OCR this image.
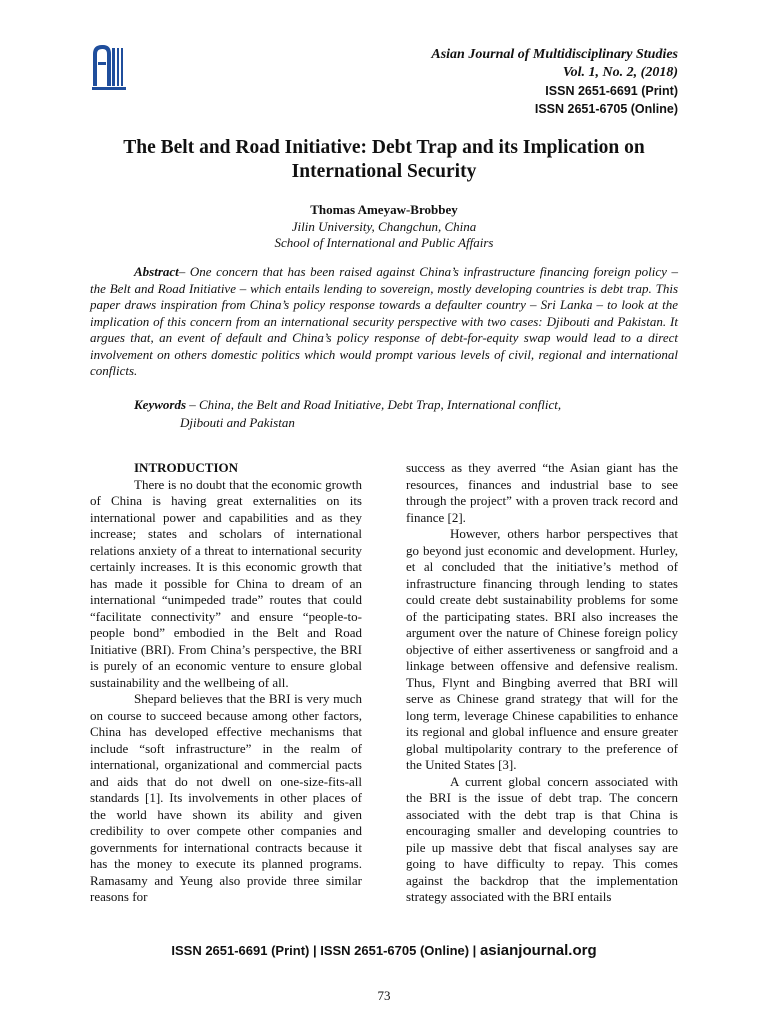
Asian Journal of Multidisciplinary Studies
Vol. 1, No. 2, (2018)
ISSN 2651-6691 (Print)
ISSN 2651-6705 (Online)
The Belt and Road Initiative: Debt Trap and its Implication on International Security
Thomas Ameyaw-Brobbey
Jilin University, Changchun, China
School of International and Public Affairs

Abstract– One concern that has been raised against China’s infrastructure financing foreign policy – the Belt and Road Initiative – which entails lending to sovereign, mostly developing countries is debt trap. This paper draws inspiration from China’s policy response towards a defaulter country – Sri Lanka – to look at the implication of this concern from an international security perspective with two cases: Djibouti and Pakistan. It argues that, an event of default and China’s policy response of debt-for-equity swap would lead to a direct involvement on others domestic politics which would prompt various levels of civil, regional and international conflicts.

Keywords – China, the Belt and Road Initiative, Debt Trap, International conflict,
Djibouti and Pakistan

INTRODUCTION

There is no doubt that the economic growth of China is having great externalities on its international power and capabilities and as they increase; states and scholars of international relations anxiety of a threat to international security certainly increases. It is this economic growth that has made it possible for China to dream of an international “unimpeded trade” routes that could “facilitate connectivity” and ensure “people-to-people bond” embodied in the Belt and Road Initiative (BRI). From China’s perspective, the BRI is purely of an economic venture to ensure global sustainability and the wellbeing of all.

Shepard believes that the BRI is very much on course to succeed because among other factors, China has developed effective mechanisms that include “soft infrastructure” in the realm of international, organizational and commercial pacts and aids that do not dwell on one-size-fits-all standards [1]. Its involvements in other places of the world have shown its ability and given credibility to over compete other companies and governments for international contracts because it has the money to execute its planned programs. Ramasamy and Yeung also provide three similar reasons for

success as they averred “the Asian giant has the resources, finances and industrial base to see through the project” with a proven track record and finance [2].

However, others harbor perspectives that go beyond just economic and development. Hurley, et al concluded that the initiative’s method of infrastructure financing through lending to states could create debt sustainability problems for some of the participating states. BRI also increases the argument over the nature of Chinese foreign policy objective of either assertiveness or sangfroid and a linkage between offensive and defensive realism. Thus, Flynt and Bingbing averred that BRI will serve as Chinese grand strategy that will for the long term, leverage Chinese capabilities to enhance its regional and global influence and ensure greater global multipolarity contrary to the preference of the United States [3].

A current global concern associated with the BRI is the issue of debt trap. The concern associated with the debt trap is that China is encouraging smaller and developing countries to pile up massive debt that fiscal analyses say are going to have difficulty to repay. This comes against the backdrop that the implementation strategy associated with the BRI entails

ISSN 2651-6691 (Print) | ISSN 2651-6705 (Online) | asianjournal.org
73
